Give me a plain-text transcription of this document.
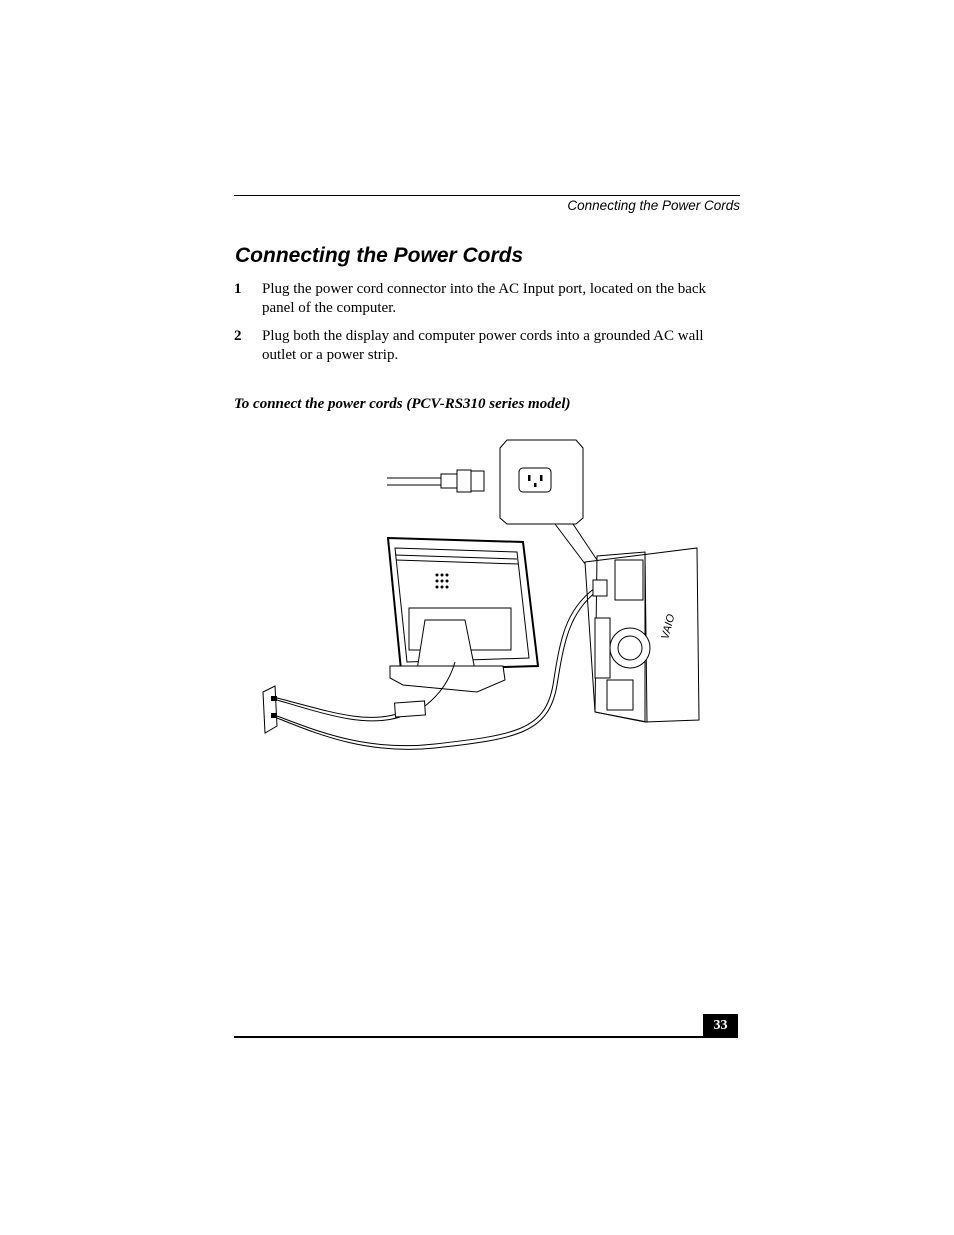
Connecting the Power Cords
Connecting the Power Cords
1	Plug the power cord connector into the AC Input port, located on the back panel of the computer.
2	Plug both the display and computer power cords into a grounded AC wall outlet or a power strip.
To connect the power cords (PCV-RS310 series model)
VAIO
33
